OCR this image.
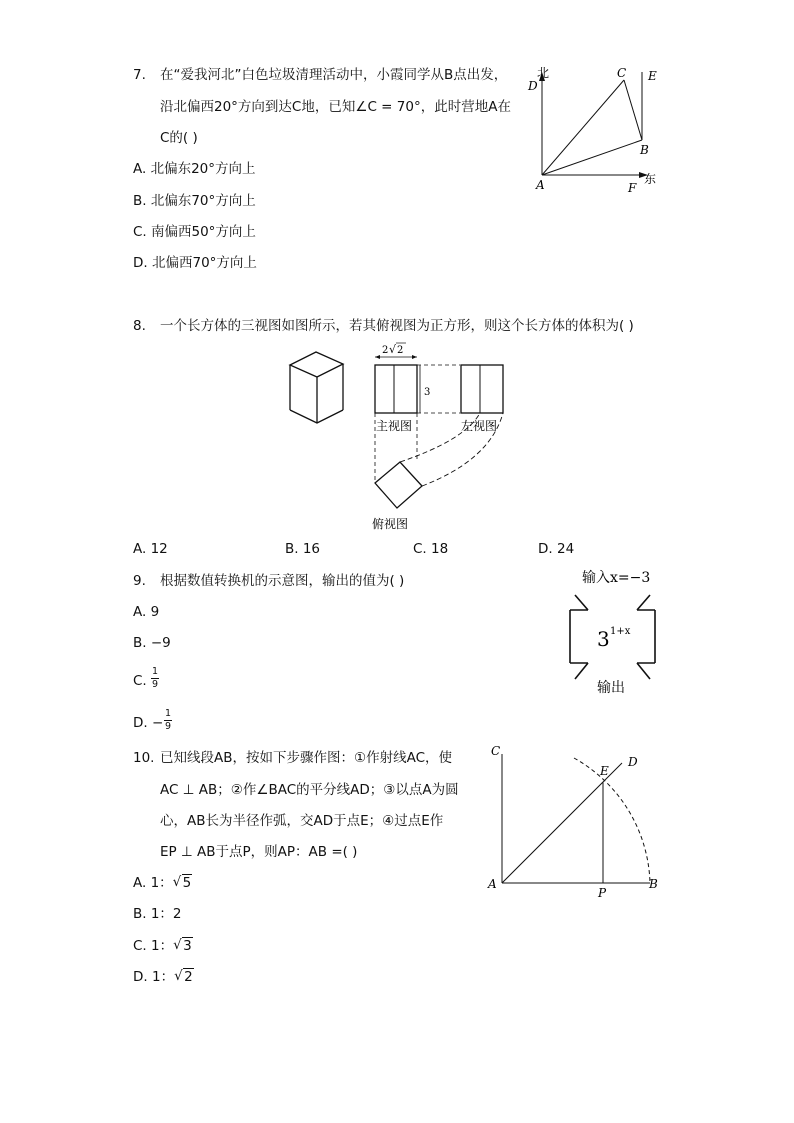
7. 在“爱我河北”白色垃圾清理活动中，小霞同学从B点出发，
沿北偏西20°方向到达C地，已知∠C = 70°，此时营地A在
C的( )
A. 北偏东20°方向上
B. 北偏东70°方向上
C. 南偏西50°方向上
D. 北偏西70°方向上
北
D
C E
B
A	F
东
8. 一个长方体的三视图如图所示，若其俯视图为正方形，则这个长方体的体积为( )
2 √ 2
3
主视图	左视图
俯视图
A. 12	B. 16	C. 18	D. 24
9. 根据数值转换机的示意图，输出的值为( )
A. 9
B. −9
C.
1
9
D. −
1
9
输入x=−3
3 1+x
输出
10. 已知线段AB，按如下步骤作图：①作射线AC，使
AC ⊥ AB；②作∠BAC的平分线AD；③以点A为圆
心，AB长为半径作弧，交AD于点E；④过点E作
EP ⊥ AB于点P，则AP：AB =( )
A. 1： √ 5
B. 1：2
C. 1： √ 3
D. 1： √ 2
C
E
D
A
P
B
